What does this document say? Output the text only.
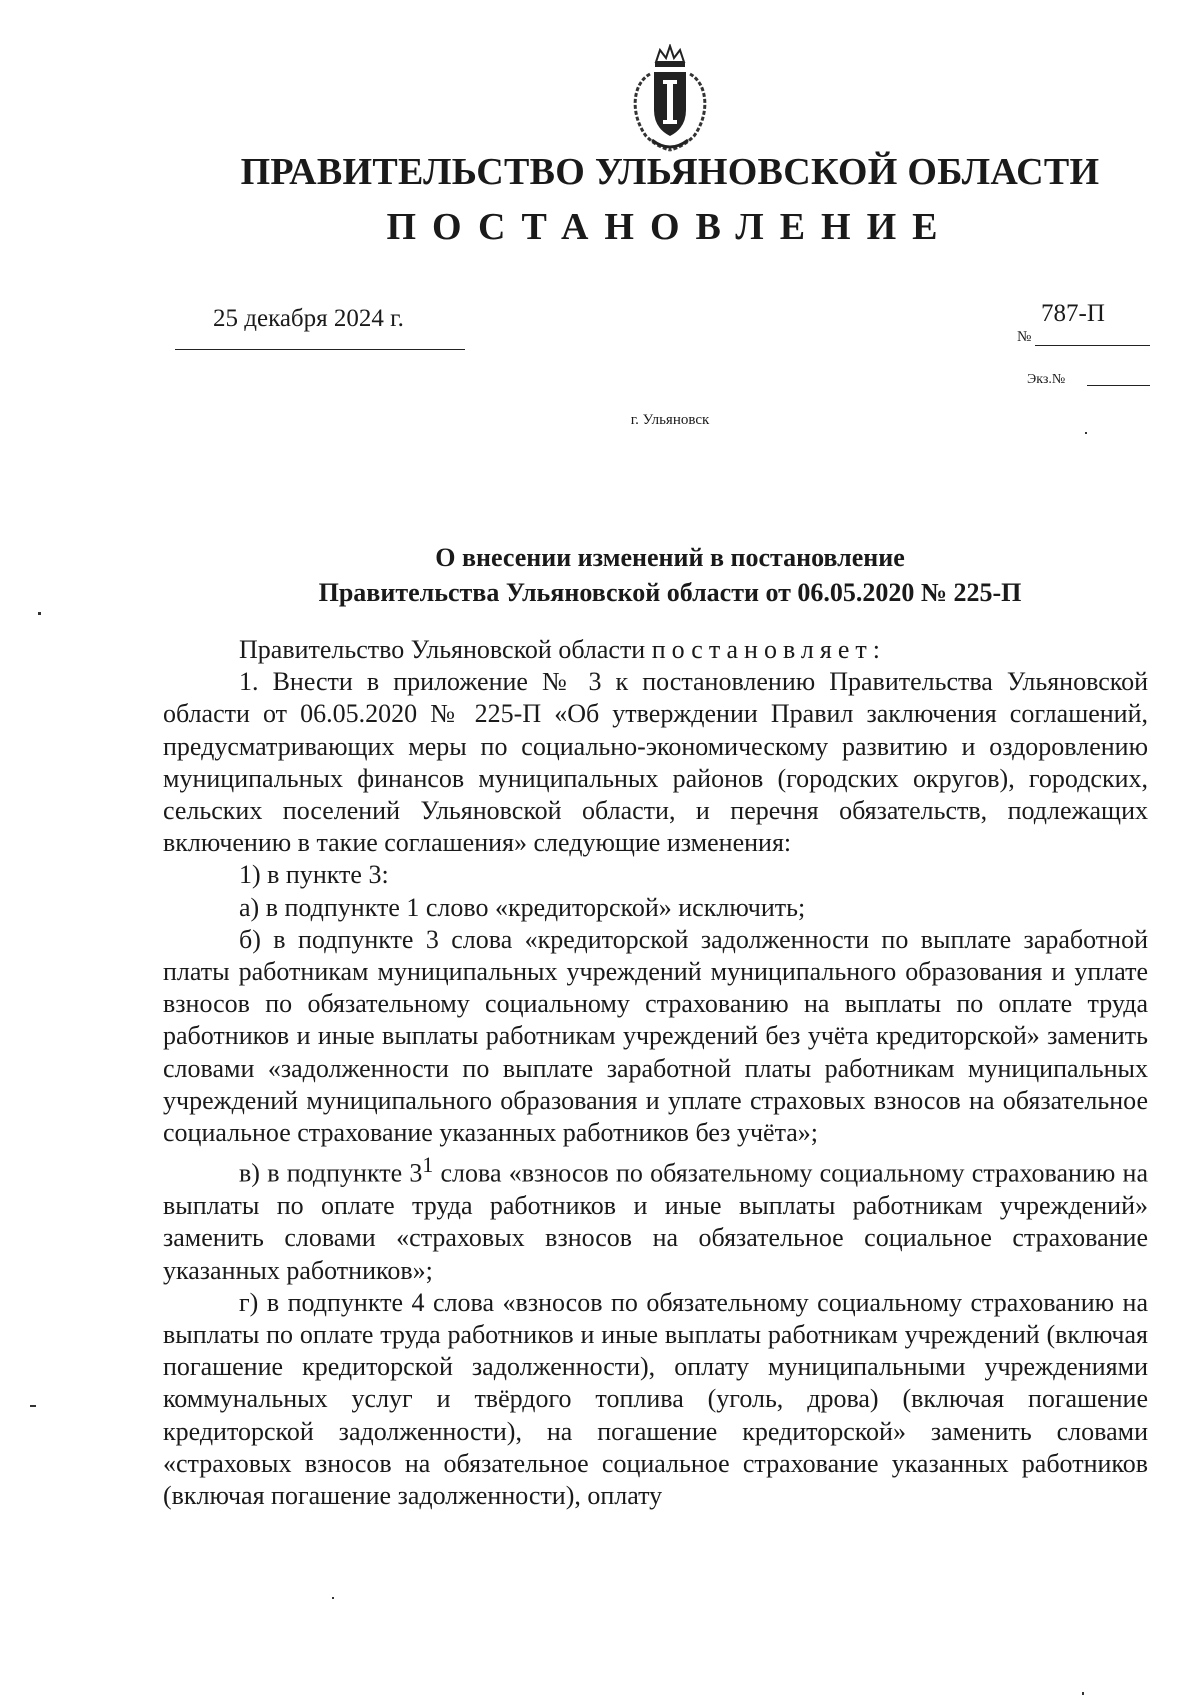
ПРАВИТЕЛЬСТВО УЛЬЯНОВСКОЙ ОБЛАСТИ
ПОСТАНОВЛЕНИЕ
25 декабря 2024 г.
№
787-П
Экз.№
г. Ульяновск
О внесении изменений в постановление
Правительства Ульяновской области от 06.05.2020 № 225-П

Правительство Ульяновской области постановляет:

1. Внести в приложение № 3 к постановлению Правительства Ульяновской области от 06.05.2020 № 225-П «Об утверждении Правил заключения соглашений, предусматривающих меры по социально-экономическому развитию и оздоровлению муниципальных финансов муниципальных районов (городских округов), городских, сельских поселений Ульяновской области, и перечня обязательств, подлежащих включению в такие соглашения» следующие изменения:

1) в пункте 3:

а) в подпункте 1 слово «кредиторской» исключить;

б) в подпункте 3 слова «кредиторской задолженности по выплате заработной платы работникам муниципальных учреждений муниципального образования и уплате взносов по обязательному социальному страхованию на выплаты по оплате труда работников и иные выплаты работникам учреждений без учёта кредиторской» заменить словами «задолженности по выплате заработной платы работникам муниципальных учреждений муниципального образования и уплате страховых взносов на обязательное социальное страхование указанных работников без учёта»;

в) в подпункте $3^1$ слова «взносов по обязательному социальному страхованию на выплаты по оплате труда работников и иные выплаты работникам учреждений» заменить словами «страховых взносов на обязательное социальное страхование указанных работников»;

г) в подпункте 4 слова «взносов по обязательному социальному страхованию на выплаты по оплате труда работников и иные выплаты работникам учреждений (включая погашение кредиторской задолженности), оплату муниципальными учреждениями коммунальных услуг и твёрдого топлива (уголь, дрова) (включая погашение кредиторской задолженности), на погашение кредиторской» заменить словами «страховых взносов на обязательное социальное страхование указанных работников (включая погашение задолженности), оплату
